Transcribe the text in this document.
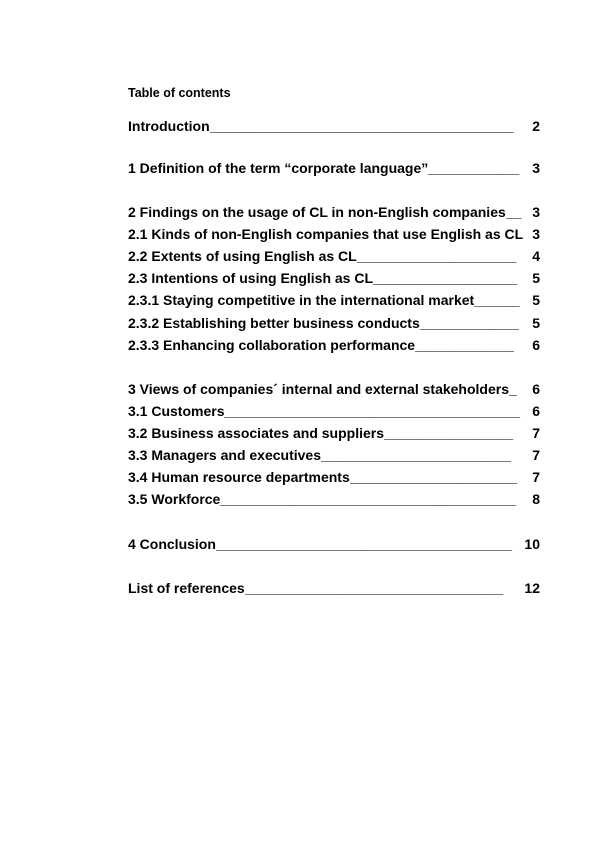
Table of contents
Introduction ________________________________________	2
1 Definition of the term “corporate language” ____________ 3
2 Findings on the usage of CL in non-English companies __ 3
2.1 Kinds of non-English companies that use English as CL 3
2.2 Extents of using English as CL _____________________	4
2.3 Intentions of using English as CL ___________________	5
2.3.1 Staying competitive in the international market ______ 5
2.3.2 Establishing better business conducts _____________ 5
2.3.3 Enhancing collaboration performance _____________	6
3 Views of companies´ internal and external stakeholders _	6
3.1 Customers _______________________________________ 6
3.2 Business associates and suppliers _________________	7
3.3 Managers and executives _________________________	7
3.4 Human resource departments ______________________	7
3.5 Workforce _______________________________________	8
4 Conclusion _______________________________________ 10
List of references __________________________________	12
